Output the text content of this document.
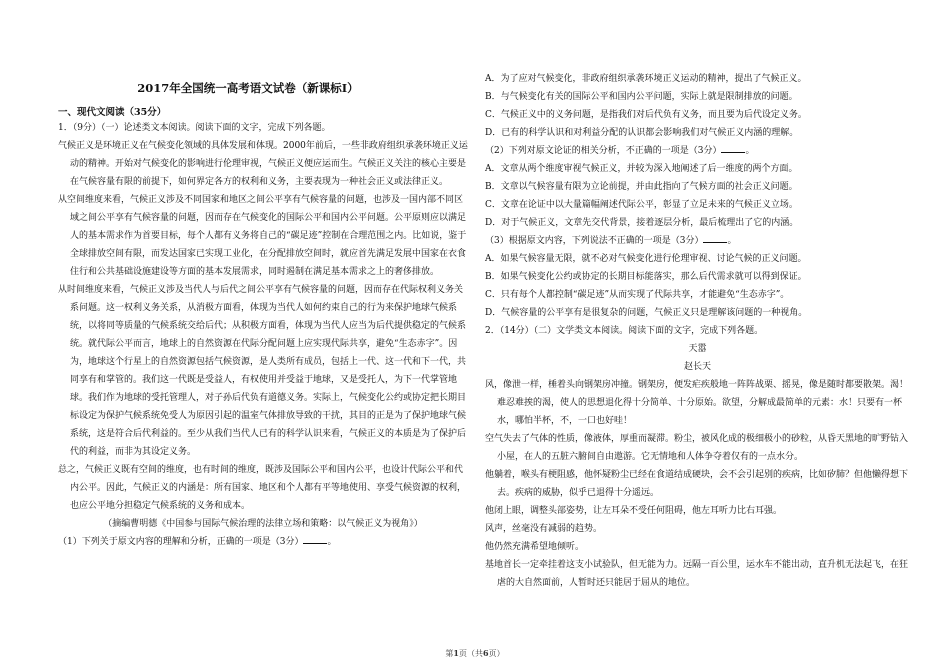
2017年全国统一高考语文试卷（新课标Ⅰ）
一、现代文阅读（35分）

1．（9分）（一）论述类文本阅读。阅读下面的文字，完成下列各题。

气候正义是环境正义在气候变化领域的具体发展和体现。2000年前后，一些非政府组织承袭环境正义运动的精神。开始对气候变化的影响进行伦理审视，气候正义便应运而生。气候正义关注的核心主要是在气候容量有限的前提下，如何界定各方的权利和义务，主要表现为一种社会正义或法律正义。

从空间维度来看，气候正义涉及不同国家和地区之间公平享有气候容量的问题，也涉及一国内部不同区域之间公平享有气候容量的问题，因而存在气候变化的国际公平和国内公平问题。公平原则应以满足人的基本需求作为首要目标，每个人都有义务将自己的“碳足迹”控制在合理范围之内。比如说，鉴于全球排放空间有限，而发达国家已实现工业化，在分配排放空间时，就应首先满足发展中国家在衣食住行和公共基础设施建设等方面的基本发展需求，同时遏制在满足基本需求之上的奢侈排放。

从时间维度来看，气候正义涉及当代人与后代之间公平享有气候容量的问题，因而存在代际权利义务关系问题。这一权利义务关系，从消极方面看，体现为当代人如何约束自己的行为来保护地球气候系统，以将同等质量的气候系统交给后代；从积极方面看，体现为当代人应当为后代提供稳定的气候系统。就代际公平而言，地球上的自然资源在代际分配问题上应实现代际共享，避免“生态赤字”。因为，地球这个行星上的自然资源包括气候资源，是人类所有成员，包括上一代、这一代和下一代，共同享有和掌管的。我们这一代既是受益人，有权使用并受益于地球，又是受托人，为下一代掌管地球。我们作为地球的受托管理人，对子孙后代负有道德义务。实际上，气候变化公约或协定把长期目标设定为保护气候系统免受人为原因引起的温室气体排放导致的干扰，其目的正是为了保护地球气候系统，这是符合后代利益的。至少从我们当代人已有的科学认识来看，气候正义的本质是为了保护后代的利益，而非为其设定义务。

总之，气候正义既有空间的维度，也有时间的维度，既涉及国际公平和国内公平，也设计代际公平和代内公平。因此，气候正义的内涵是：所有国家、地区和个人都有平等地使用、享受气候资源的权利，也应公平地分担稳定气候系统的义务和成本。

（摘编曹明德《中国参与国际气候治理的法律立场和策略：以气候正义为视角》）

（1）下列关于原文内容的理解和分析，正确的一项是（3分）	。

A．为了应对气候变化，非政府组织承袭环境正义运动的精神，提出了气候正义。

B．与气候变化有关的国际公平和国内公平问题，实际上就是限制排放的问题。

C．气候正义中的义务问题，是指我们对后代负有义务，而且要为后代设定义务。

D．已有的科学认识和对利益分配的认识都会影响我们对气候正义内涵的理解。

（2）下列对原文论证的相关分析，不正确的一项是（3分）	。

A．文章从两个维度审视气候正义，并较为深入地阐述了后一维度的两个方面。

B．文章以气候容量有限为立论前提，并由此指向了气候方面的社会正义问题。

C．文章在论证中以大量篇幅阐述代际公平，彰显了立足未来的气候正义立场。

D．对于气候正义，文章先交代背景，接着逐层分析，最后梳理出了它的内涵。

（3）根据原文内容，下列说法不正确的一项是（3分）	。

A．如果气候容量无限，就不必对气候变化进行伦理审视、讨论气候的正义问题。

B．如果气候变化公约或协定的长期目标能落实，那么后代需求就可以得到保证。

C．只有每个人都控制“碳足迹”从而实现了代际共享，才能避免“生态赤字”。

D．气候容量的公平享有是很复杂的问题，气候正义只是理解该问题的一种视角。

2．（14分）（二）文学类文本阅读。阅读下面的文字，完成下列各题。

天嚣

赵长天

风，像泄一样，棰着头向钢架房冲撞。钢架房，便发疟疾般地一阵阵战栗、摇晃，像是随时都要散架。渴！难忍难挨的渴，使人的思想退化得十分简单、十分原始。欲望，分解成最简单的元素：水！只要有一杯水，哪怕半杯，不，一口也好哇！

空气失去了气体的性质，像液体，厚重而凝滞。粉尘，被风化成的极细极小的砂粒，从昏天黑地的旷野钻入小屋，在人的五脏六腑间自由遨游。它无情地和人体争夺着仅有的一点水分。

他躺着，喉头有梗阻感，他怀疑粉尘已经在食道结成硬块，会不会引起别的疾病，比如矽肺？但他懒得想下去。疾病的威胁，似乎已退得十分遥远。

他闭上眼，调整头部姿势，让左耳朵不受任何阻碍，他左耳听力比右耳强。

风声，丝毫没有减弱的趋势。

他仍然充满希望地倾听。

基地首长一定牵挂着这支小试验队，但无能为力。远隔一百公里，运水车不能出动，直升机无法起飞，在狂虐的大自然面前，人暂时还只能居于屈从的地位。

第1页（共6页）
